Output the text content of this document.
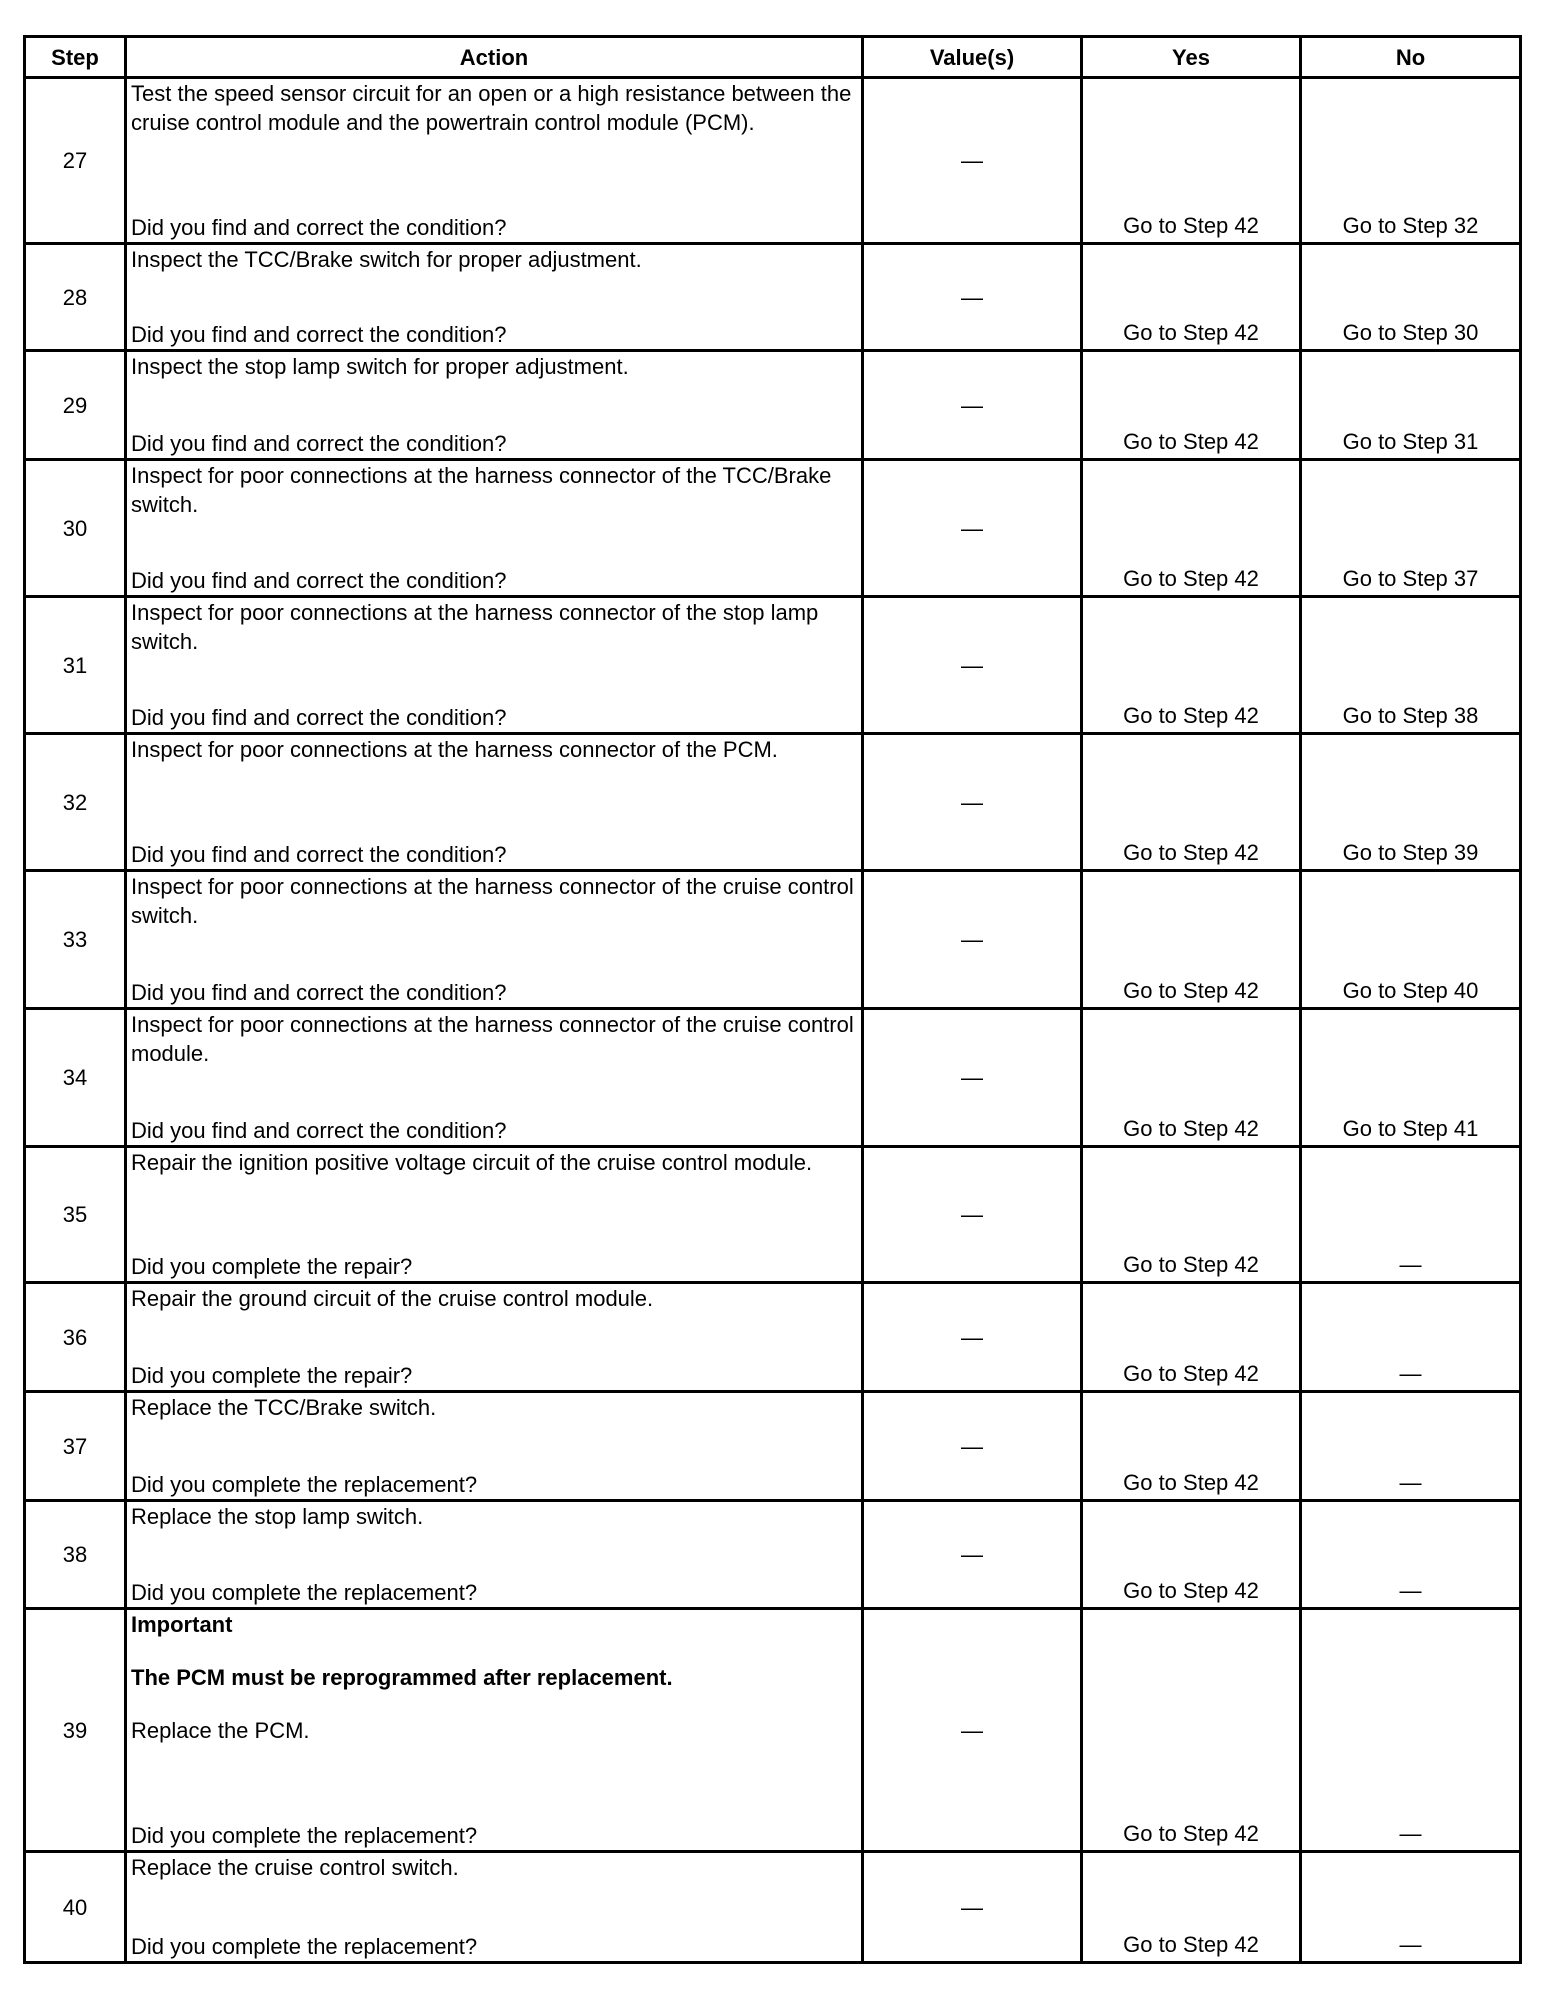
Step	Action	Value(s)	Yes	No
27	Test the speed sensor circuit for an open or a high resistance between the cruise control module and the powertrain control module (PCM).

Did you find and correct the condition?	—	Go to Step 42	Go to Step 32
28	Inspect the TCC/Brake switch for proper adjustment.

Did you find and correct the condition?	—	Go to Step 42	Go to Step 30
29	Inspect the stop lamp switch for proper adjustment.

Did you find and correct the condition?	—	Go to Step 42	Go to Step 31
30	Inspect for poor connections at the harness connector of the TCC/Brake switch.

Did you find and correct the condition?	—	Go to Step 42	Go to Step 37
31	Inspect for poor connections at the harness connector of the stop lamp switch.

Did you find and correct the condition?	—	Go to Step 42	Go to Step 38
32	Inspect for poor connections at the harness connector of the PCM.

Did you find and correct the condition?	—	Go to Step 42	Go to Step 39
33	Inspect for poor connections at the harness connector of the cruise control switch.

Did you find and correct the condition?	—	Go to Step 42	Go to Step 40
34	Inspect for poor connections at the harness connector of the cruise control module.

Did you find and correct the condition?	—	Go to Step 42	Go to Step 41
35	Repair the ignition positive voltage circuit of the cruise control module.

Did you complete the repair?	—	Go to Step 42	—
36	Repair the ground circuit of the cruise control module.

Did you complete the repair?	—	Go to Step 42	—
37	Replace the TCC/Brake switch.

Did you complete the replacement?	—	Go to Step 42	—
38	Replace the stop lamp switch.

Did you complete the replacement?	—	Go to Step 42	—
39	Important

The PCM must be reprogrammed after replacement.

Replace the PCM.

Did you complete the replacement?	—	Go to Step 42	—
40	Replace the cruise control switch.

Did you complete the replacement?	—	Go to Step 42	—
